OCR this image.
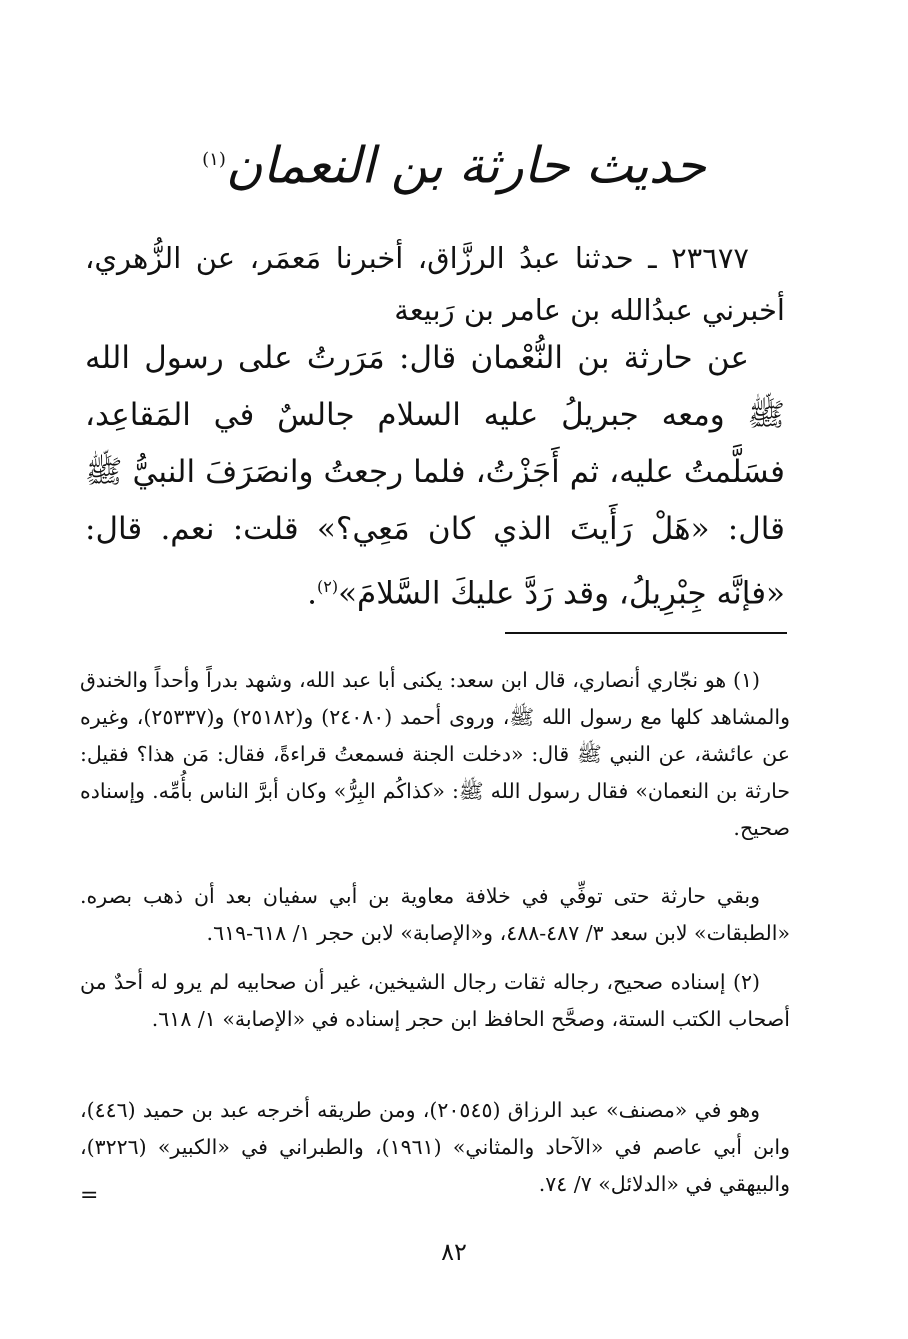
حديث حارثة بن النعمان$^{(١)}$

٢٣٦٧٧ ـ حدثنا عبدُ الرزَّاق، أخبرنا مَعمَر، عن الزُّهري، أخبرني عبدُالله بن عامر بن رَبيعة

عن حارثة بن النُّعْمان قال: مَرَرتُ على رسول الله ﷺ ومعه جبريلُ عليه السلام جالسٌ في المَقاعِد، فسَلَّمتُ عليه، ثم أَجَزْتُ، فلما رجعتُ وانصَرَفَ النبيُّ ﷺ قال: «هَلْ رَأَيتَ الذي كان مَعِي؟» قلت: نعم. قال: «فإنَّه جِبْرِيلُ، وقد رَدَّ عليكَ السَّلامَ»$^{(٢)}$.

(١) هو نجّاري أنصاري، قال ابن سعد: يكنى أبا عبد الله، وشهد بدراً وأحداً والخندق والمشاهد كلها مع رسول الله ﷺ، وروى أحمد (٢٤٠٨٠) و(٢٥١٨٢) و(٢٥٣٣٧)، وغيره عن عائشة، عن النبي ﷺ قال: «دخلت الجنة فسمعتُ قراءةً، فقال: مَن هذا؟ فقيل: حارثة بن النعمان» فقال رسول الله ﷺ: «كذاكُم البِرُّ» وكان أبرَّ الناس بأُمِّه. وإسناده صحيح.

وبقي حارثة حتى توفِّي في خلافة معاوية بن أبي سفيان بعد أن ذهب بصره. «الطبقات» لابن سعد ٣/ ٤٨٧-٤٨٨، و«الإصابة» لابن حجر ١/ ٦١٨-٦١٩.

(٢) إسناده صحيح، رجاله ثقات رجال الشيخين، غير أن صحابيه لم يرو له أحدٌ من أصحاب الكتب الستة، وصحَّح الحافظ ابن حجر إسناده في «الإصابة» ١/ ٦١٨.

وهو في «مصنف» عبد الرزاق (٢٠٥٤٥)، ومن طريقه أخرجه عبد بن حميد (٤٤٦)، وابن أبي عاصم في «الآحاد والمثاني» (١٩٦١)، والطبراني في «الكبير» (٣٢٢٦)، والبيهقي في «الدلائل» ٧/ ٧٤.

=
٨٢
